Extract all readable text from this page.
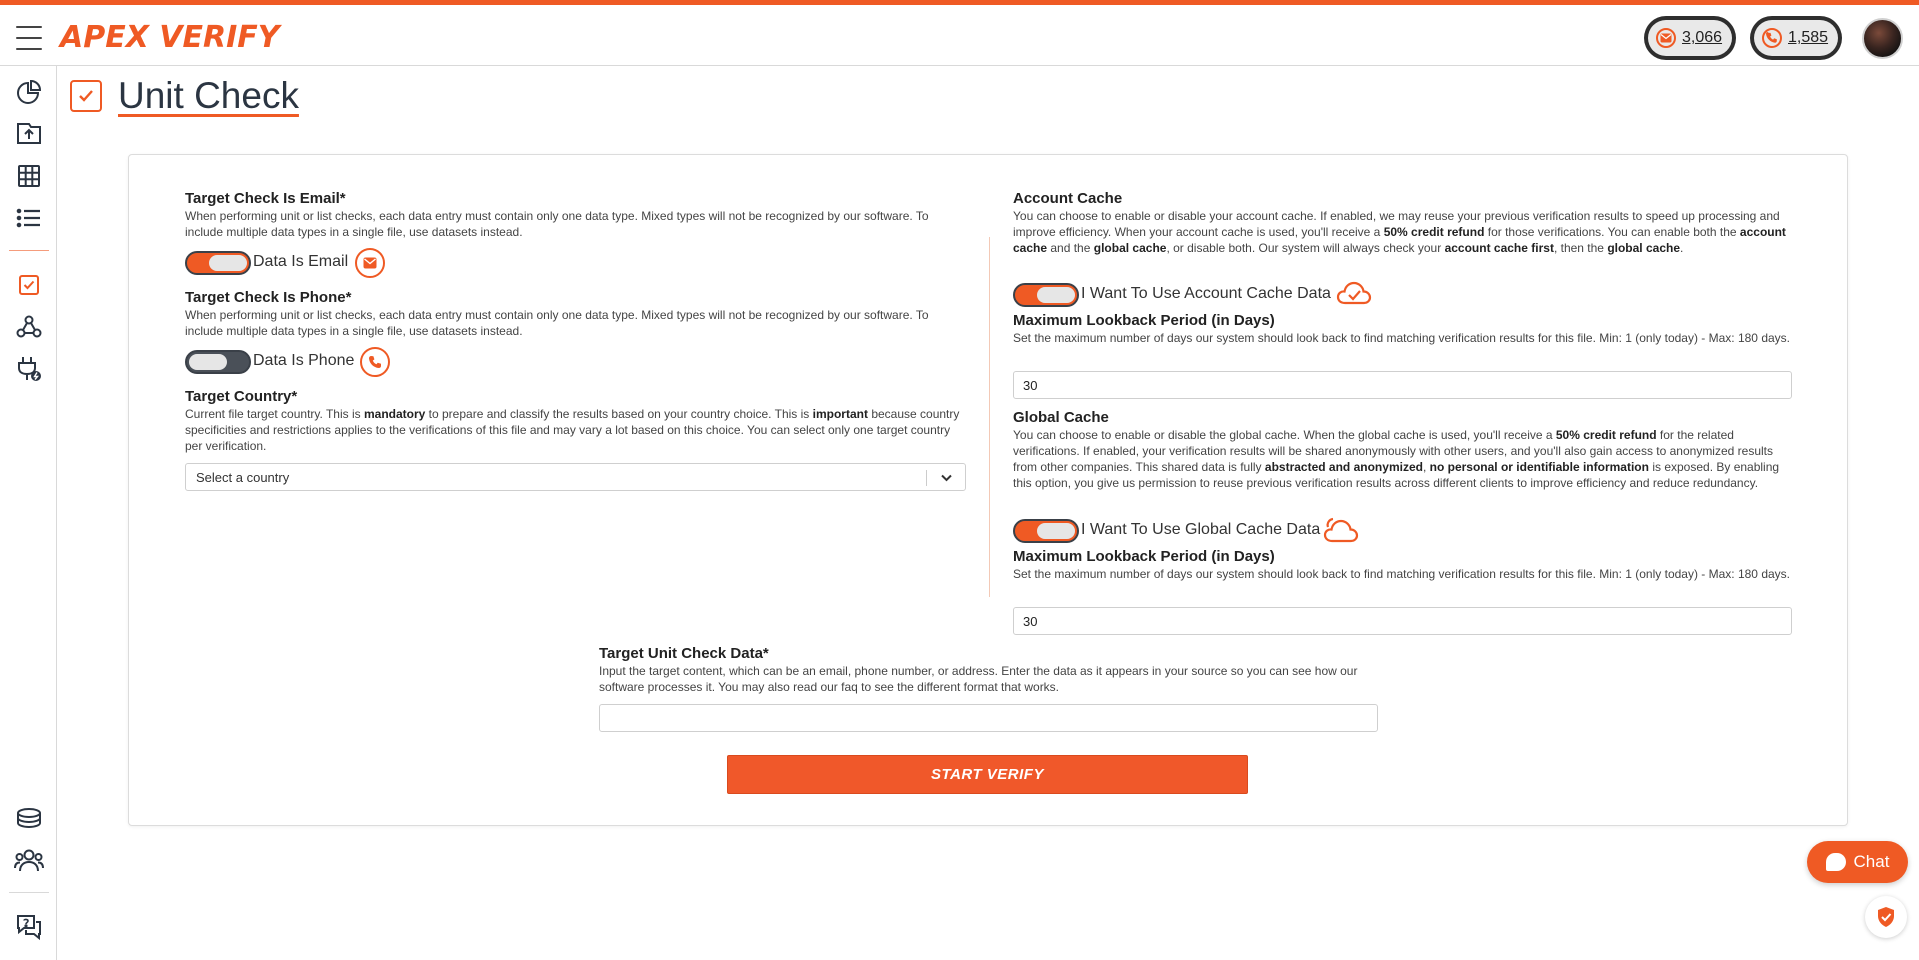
APEX VERIFY	3,066	1,585
Unit Check
Target Check Is Email*
When performing unit or list checks, each data entry must contain only one data type. Mixed types will not be recognized by our software. To include multiple data types in a single file, use datasets instead.
Data Is Email
Target Check Is Phone*
When performing unit or list checks, each data entry must contain only one data type. Mixed types will not be recognized by our software. To include multiple data types in a single file, use datasets instead.
Data Is Phone
Target Country*
Current file target country. This is mandatory to prepare and classify the results based on your country choice. This is important because country specificities and restrictions applies to the verifications of this file and may vary a lot based on this choice. You can select only one target country per verification.
Select a country
Account Cache
You can choose to enable or disable your account cache. If enabled, we may reuse your previous verification results to speed up processing and improve efficiency. When your account cache is used, you'll receive a 50% credit refund for those verifications. You can enable both the account cache and the global cache, or disable both. Our system will always check your account cache first, then the global cache.
I Want To Use Account Cache Data
Maximum Lookback Period (in Days)
Set the maximum number of days our system should look back to find matching verification results for this file. Min: 1 (only today) - Max: 180 days.
30
Global Cache
You can choose to enable or disable the global cache. When the global cache is used, you'll receive a 50% credit refund for the related verifications. If enabled, your verification results will be shared anonymously with other users, and you'll also gain access to anonymized results from other companies. This shared data is fully abstracted and anonymized, no personal or identifiable information is exposed. By enabling this option, you give us permission to reuse previous verification results across different clients to improve efficiency and reduce redundancy.
I Want To Use Global Cache Data
Maximum Lookback Period (in Days)
Set the maximum number of days our system should look back to find matching verification results for this file. Min: 1 (only today) - Max: 180 days.
30
Target Unit Check Data*
Input the target content, which can be an email, phone number, or address. Enter the data as it appears in your source so you can see how our software processes it. You may also read our faq to see the different format that works.
START VERIFY
Chat
